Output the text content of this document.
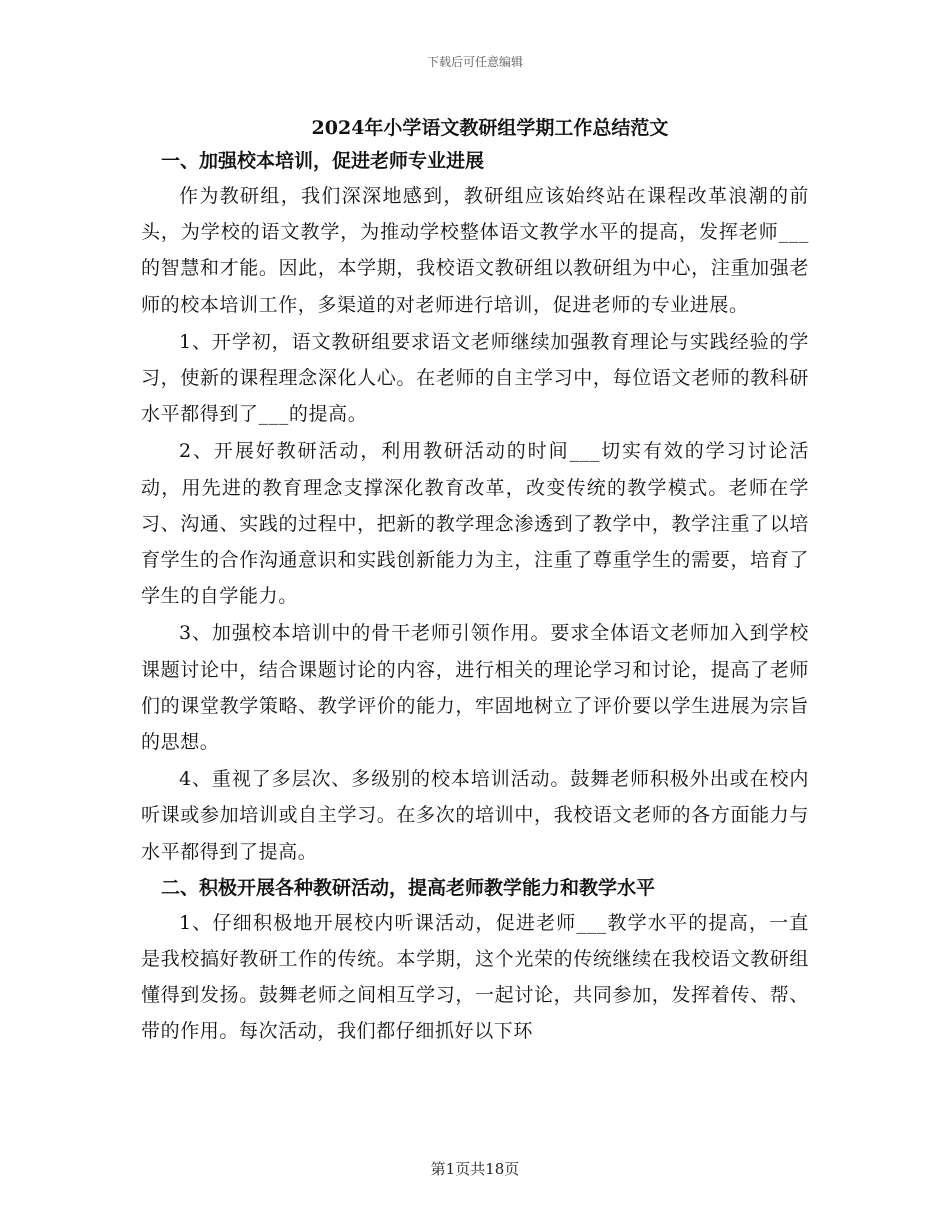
下载后可任意编辑
2024年小学语文教研组学期工作总结范文
一、加强校本培训，促进老师专业进展

作为教研组，我们深深地感到，教研组应该始终站在课程改革浪潮的前头，为学校的语文教学，为推动学校整体语文教学水平的提高，发挥老师___的智慧和才能。因此，本学期，我校语文教研组以教研组为中心，注重加强老师的校本培训工作，多渠道的对老师进行培训，促进老师的专业进展。

1、开学初，语文教研组要求语文老师继续加强教育理论与实践经验的学习，使新的课程理念深化人心。在老师的自主学习中，每位语文老师的教科研水平都得到了___的提高。

2、开展好教研活动，利用教研活动的时间___切实有效的学习讨论活动，用先进的教育理念支撑深化教育改革，改变传统的教学模式。老师在学习、沟通、实践的过程中，把新的教学理念渗透到了教学中，教学注重了以培育学生的合作沟通意识和实践创新能力为主，注重了尊重学生的需要，培育了学生的自学能力。

3、加强校本培训中的骨干老师引领作用。要求全体语文老师加入到学校课题讨论中，结合课题讨论的内容，进行相关的理论学习和讨论，提高了老师们的课堂教学策略、教学评价的能力，牢固地树立了评价要以学生进展为宗旨的思想。

4、重视了多层次、多级别的校本培训活动。鼓舞老师积极外出或在校内听课或参加培训或自主学习。在多次的培训中，我校语文老师的各方面能力与水平都得到了提高。

二、积极开展各种教研活动，提高老师教学能力和教学水平

1、仔细积极地开展校内听课活动，促进老师___教学水平的提高，一直是我校搞好教研工作的传统。本学期，这个光荣的传统继续在我校语文教研组懂得到发扬。鼓舞老师之间相互学习，一起讨论，共同参加，发挥着传、帮、带的作用。每次活动，我们都仔细抓好以下环

第1页共18页
